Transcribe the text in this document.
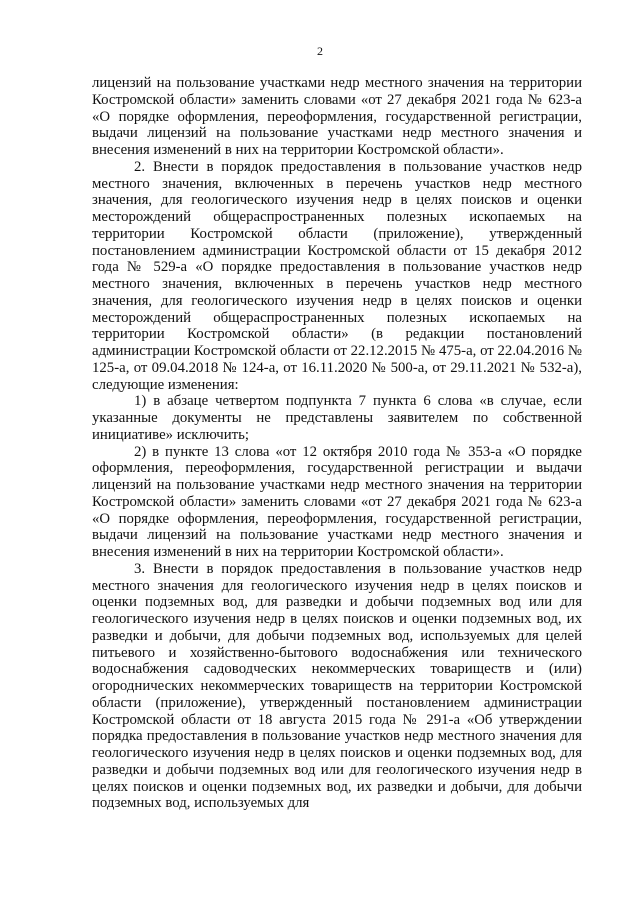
2

лицензий на пользование участками недр местного значения на территории Костромской области» заменить словами «от 27 декабря 2021 года № 623-а «О порядке оформления, переоформления, государственной регистрации, выдачи лицензий на пользование участками недр местного значения и внесения изменений в них на территории Костромской области».

2. Внести в порядок предоставления в пользование участков недр местного значения, включенных в перечень участков недр местного значения, для геологического изучения недр в целях поисков и оценки месторождений общераспространенных полезных ископаемых на территории Костромской области (приложение), утвержденный постановлением администрации Костромской области от 15 декабря 2012 года № 529-а «О порядке предоставления в пользование участков недр местного значения, включенных в перечень участков недр местного значения, для геологического изучения недр в целях поисков и оценки месторождений общераспространенных полезных ископаемых на территории Костромской области» (в редакции постановлений администрации Костромской области от 22.12.2015 № 475-а, от 22.04.2016 № 125-а, от 09.04.2018 № 124-а, от 16.11.2020 № 500-а, от 29.11.2021 № 532-а), следующие изменения:

1) в абзаце четвертом подпункта 7 пункта 6 слова «в случае, если указанные документы не представлены заявителем по собственной инициативе» исключить;

2) в пункте 13 слова «от 12 октября 2010 года № 353-а «О порядке оформления, переоформления, государственной регистрации и выдачи лицензий на пользование участками недр местного значения на территории Костромской области» заменить словами «от 27 декабря 2021 года № 623-а «О порядке оформления, переоформления, государственной регистрации, выдачи лицензий на пользование участками недр местного значения и внесения изменений в них на территории Костромской области».

3. Внести в порядок предоставления в пользование участков недр местного значения для геологического изучения недр в целях поисков и оценки подземных вод, для разведки и добычи подземных вод или для геологического изучения недр в целях поисков и оценки подземных вод, их разведки и добычи, для добычи подземных вод, используемых для целей питьевого и хозяйственно-бытового водоснабжения или технического водоснабжения садоводческих некоммерческих товариществ и (или) огороднических некоммерческих товариществ на территории Костромской области (приложение), утвержденный постановлением администрации Костромской области от 18 августа 2015 года № 291-а «Об утверждении порядка предоставления в пользование участков недр местного значения для геологического изучения недр в целях поисков и оценки подземных вод, для разведки и добычи подземных вод или для геологического изучения недр в целях поисков и оценки подземных вод, их разведки и добычи, для добычи подземных вод, используемых для
